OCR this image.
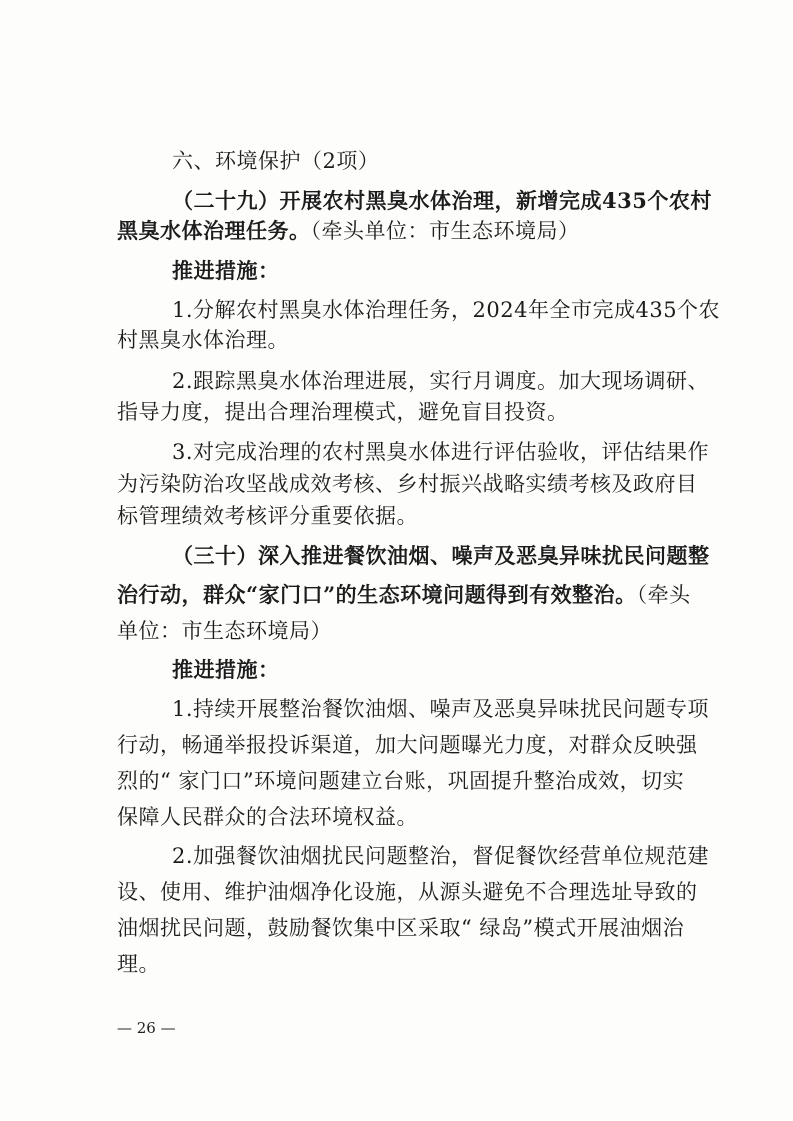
六、环境保护（2项）
（二十九）开展农村黑臭水体治理，新增完成435个农村
黑臭水体治理任务。（牵头单位：市生态环境局）
推进措施：
1.分解农村黑臭水体治理任务，2024年全市完成435个农
村黑臭水体治理。
2.跟踪黑臭水体治理进展，实行月调度。加大现场调研、
指导力度，提出合理治理模式，避免盲目投资。
3.对完成治理的农村黑臭水体进行评估验收，评估结果作
为污染防治攻坚战成效考核、乡村振兴战略实绩考核及政府目
标管理绩效考核评分重要依据。
（三十）深入推进餐饮油烟、噪声及恶臭异味扰民问题整
治行动，群众“家门口”的生态环境问题得到有效整治。（牵头
单位：市生态环境局）
推进措施：
1.持续开展整治餐饮油烟、噪声及恶臭异味扰民问题专项
行动，畅通举报投诉渠道，加大问题曝光力度，对群众反映强
烈的“ 家门口”环境问题建立台账，巩固提升整治成效，切实
保障人民群众的合法环境权益。
2.加强餐饮油烟扰民问题整治，督促餐饮经营单位规范建
设、使用、维护油烟净化设施，从源头避免不合理选址导致的
油烟扰民问题，鼓励餐饮集中区采取“ 绿岛”模式开展油烟治
理。
— 26 —
